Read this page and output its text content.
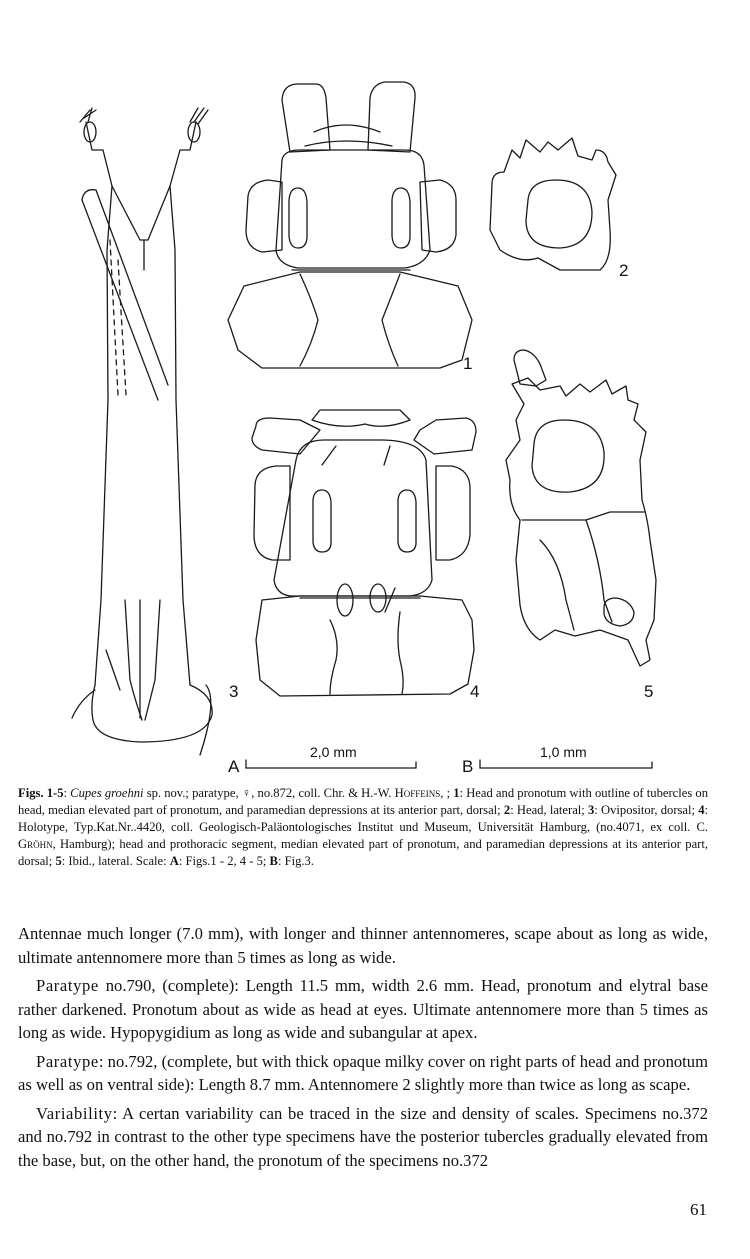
1
2
3	4	5
A
2,0 mm
B
1,0 mm
Figs. 1-5: Cupes groehni sp. nov.; paratype, ♀, no.872, coll. Chr. & H.-W. Hoffeins, ; 1: Head and pronotum with outline of tubercles on head, median elevated part of pronotum, and paramedian depressions at its anterior part, dorsal; 2: Head, lateral; 3: Ovipositor, dorsal; 4: Holotype, Typ.Kat.Nr..4420, coll. Geologisch-Paläontologisches Institut und Museum, Universität Hamburg, (no.4071, ex coll. C. Gröhn, Hamburg); head and prothoracic segment, median elevated part of pronotum, and paramedian depressions at its anterior part, dorsal; 5: Ibid., lateral. Scale: A: Figs.1 - 2, 4 - 5; B: Fig.3.

Antennae much longer (7.0 mm), with longer and thinner antennomeres, scape about as long as wide, ultimate antennomere more than 5 times as long as wide.

Paratype no.790, (complete): Length 11.5 mm, width 2.6 mm. Head, pronotum and elytral base rather darkened. Pronotum about as wide as head at eyes. Ultimate antennomere more than 5 times as long as wide. Hypopygidium as long as wide and subangular at apex.

Paratype: no.792, (complete, but with thick opaque milky cover on right parts of head and pronotum as well as on ventral side): Length 8.7 mm. Antennomere 2 slightly more than twice as long as scape.

Variability: A certan variability can be traced in the size and density of scales. Specimens no.372 and no.792 in contrast to the other type specimens have the posterior tubercles gradually elevated from the base, but, on the other hand, the pronotum of the specimens no.372

61
